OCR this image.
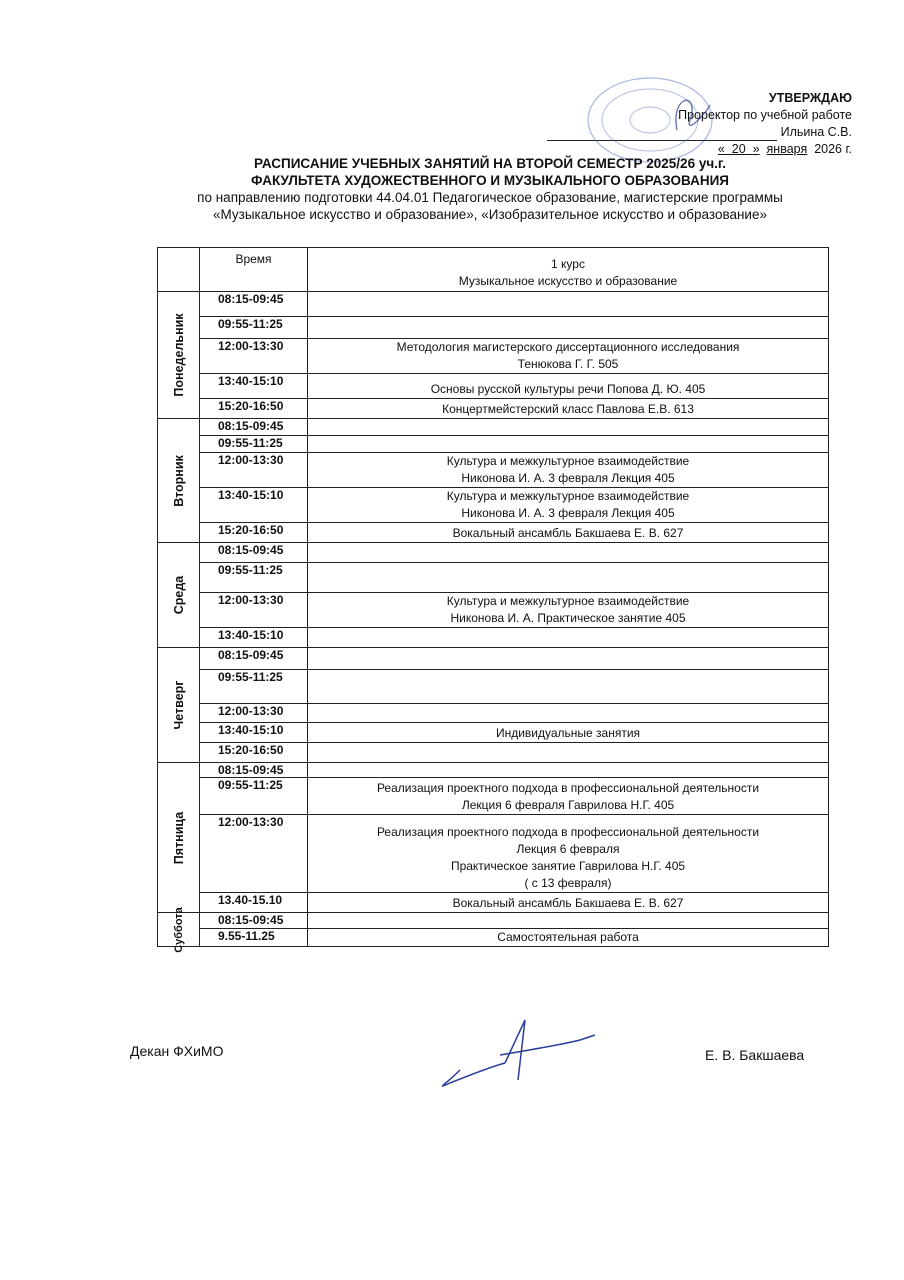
УТВЕРЖДАЮ
Проректор по учебной работе
Ильина С.В.
« 20 » января 2026 г.
РАСПИСАНИЕ УЧЕБНЫХ ЗАНЯТИЙ НА ВТОРОЙ СЕМЕСТР 2025/26 уч.г.
ФАКУЛЬТЕТА ХУДОЖЕСТВЕННОГО И МУЗЫКАЛЬНОГО ОБРАЗОВАНИЯ
по направлению подготовки 44.04.01 Педагогическое образование, магистерские программы
«Музыкальное искусство и образование», «Изобразительное искусство и образование»
	Время	1 курс
Музыкальное искусство и образование

Понедельник	08:15-09:45	
	09:55-11:25	
	12:00-13:30	Методология магистерского диссертационного исследования
Тенюкова Г. Г. 505

	13:40-15:10	Основы русской культуры речи Попова Д. Ю. 405

	15:20-16:50	Концертмейстерский класс Павлова Е.В. 613

Вторник	08:15-09:45	
	09:55-11:25	
	12:00-13:30	Культура и межкультурное взаимодействие
Никонова И. А. 3 февраля Лекция 405

	13:40-15:10	Культура и межкультурное взаимодействие
Никонова И. А. 3 февраля Лекция 405

	15:20-16:50	Вокальный ансамбль Бакшаева Е. В. 627

Среда	08:15-09:45	
	09:55-11:25	
	12:00-13:30	Культура и межкультурное взаимодействие
Никонова И. А. Практическое занятие 405

	13:40-15:10	

Четверг	08:15-09:45	
	09:55-11:25	
	12:00-13:30	
	13:40-15:10	Индивидуальные занятия

	15:20-16:50	

Пятница	08:15-09:45	
	09:55-11:25	Реализация проектного подхода в профессиональной деятельности
Лекция 6 февраля Гаврилова Н.Г. 405

	12:00-13:30	Реализация проектного подхода в профессиональной деятельности
Лекция 6 февраля
Практическое занятие Гаврилова Н.Г. 405
( с 13 февраля)

	13.40-15.10	Вокальный ансамбль Бакшаева Е. В. 627

Суббота	08:15-09:45	
	9.55-11.25	Самостоятельная работа
Декан ФХиМО	Е. В. Бакшаева
